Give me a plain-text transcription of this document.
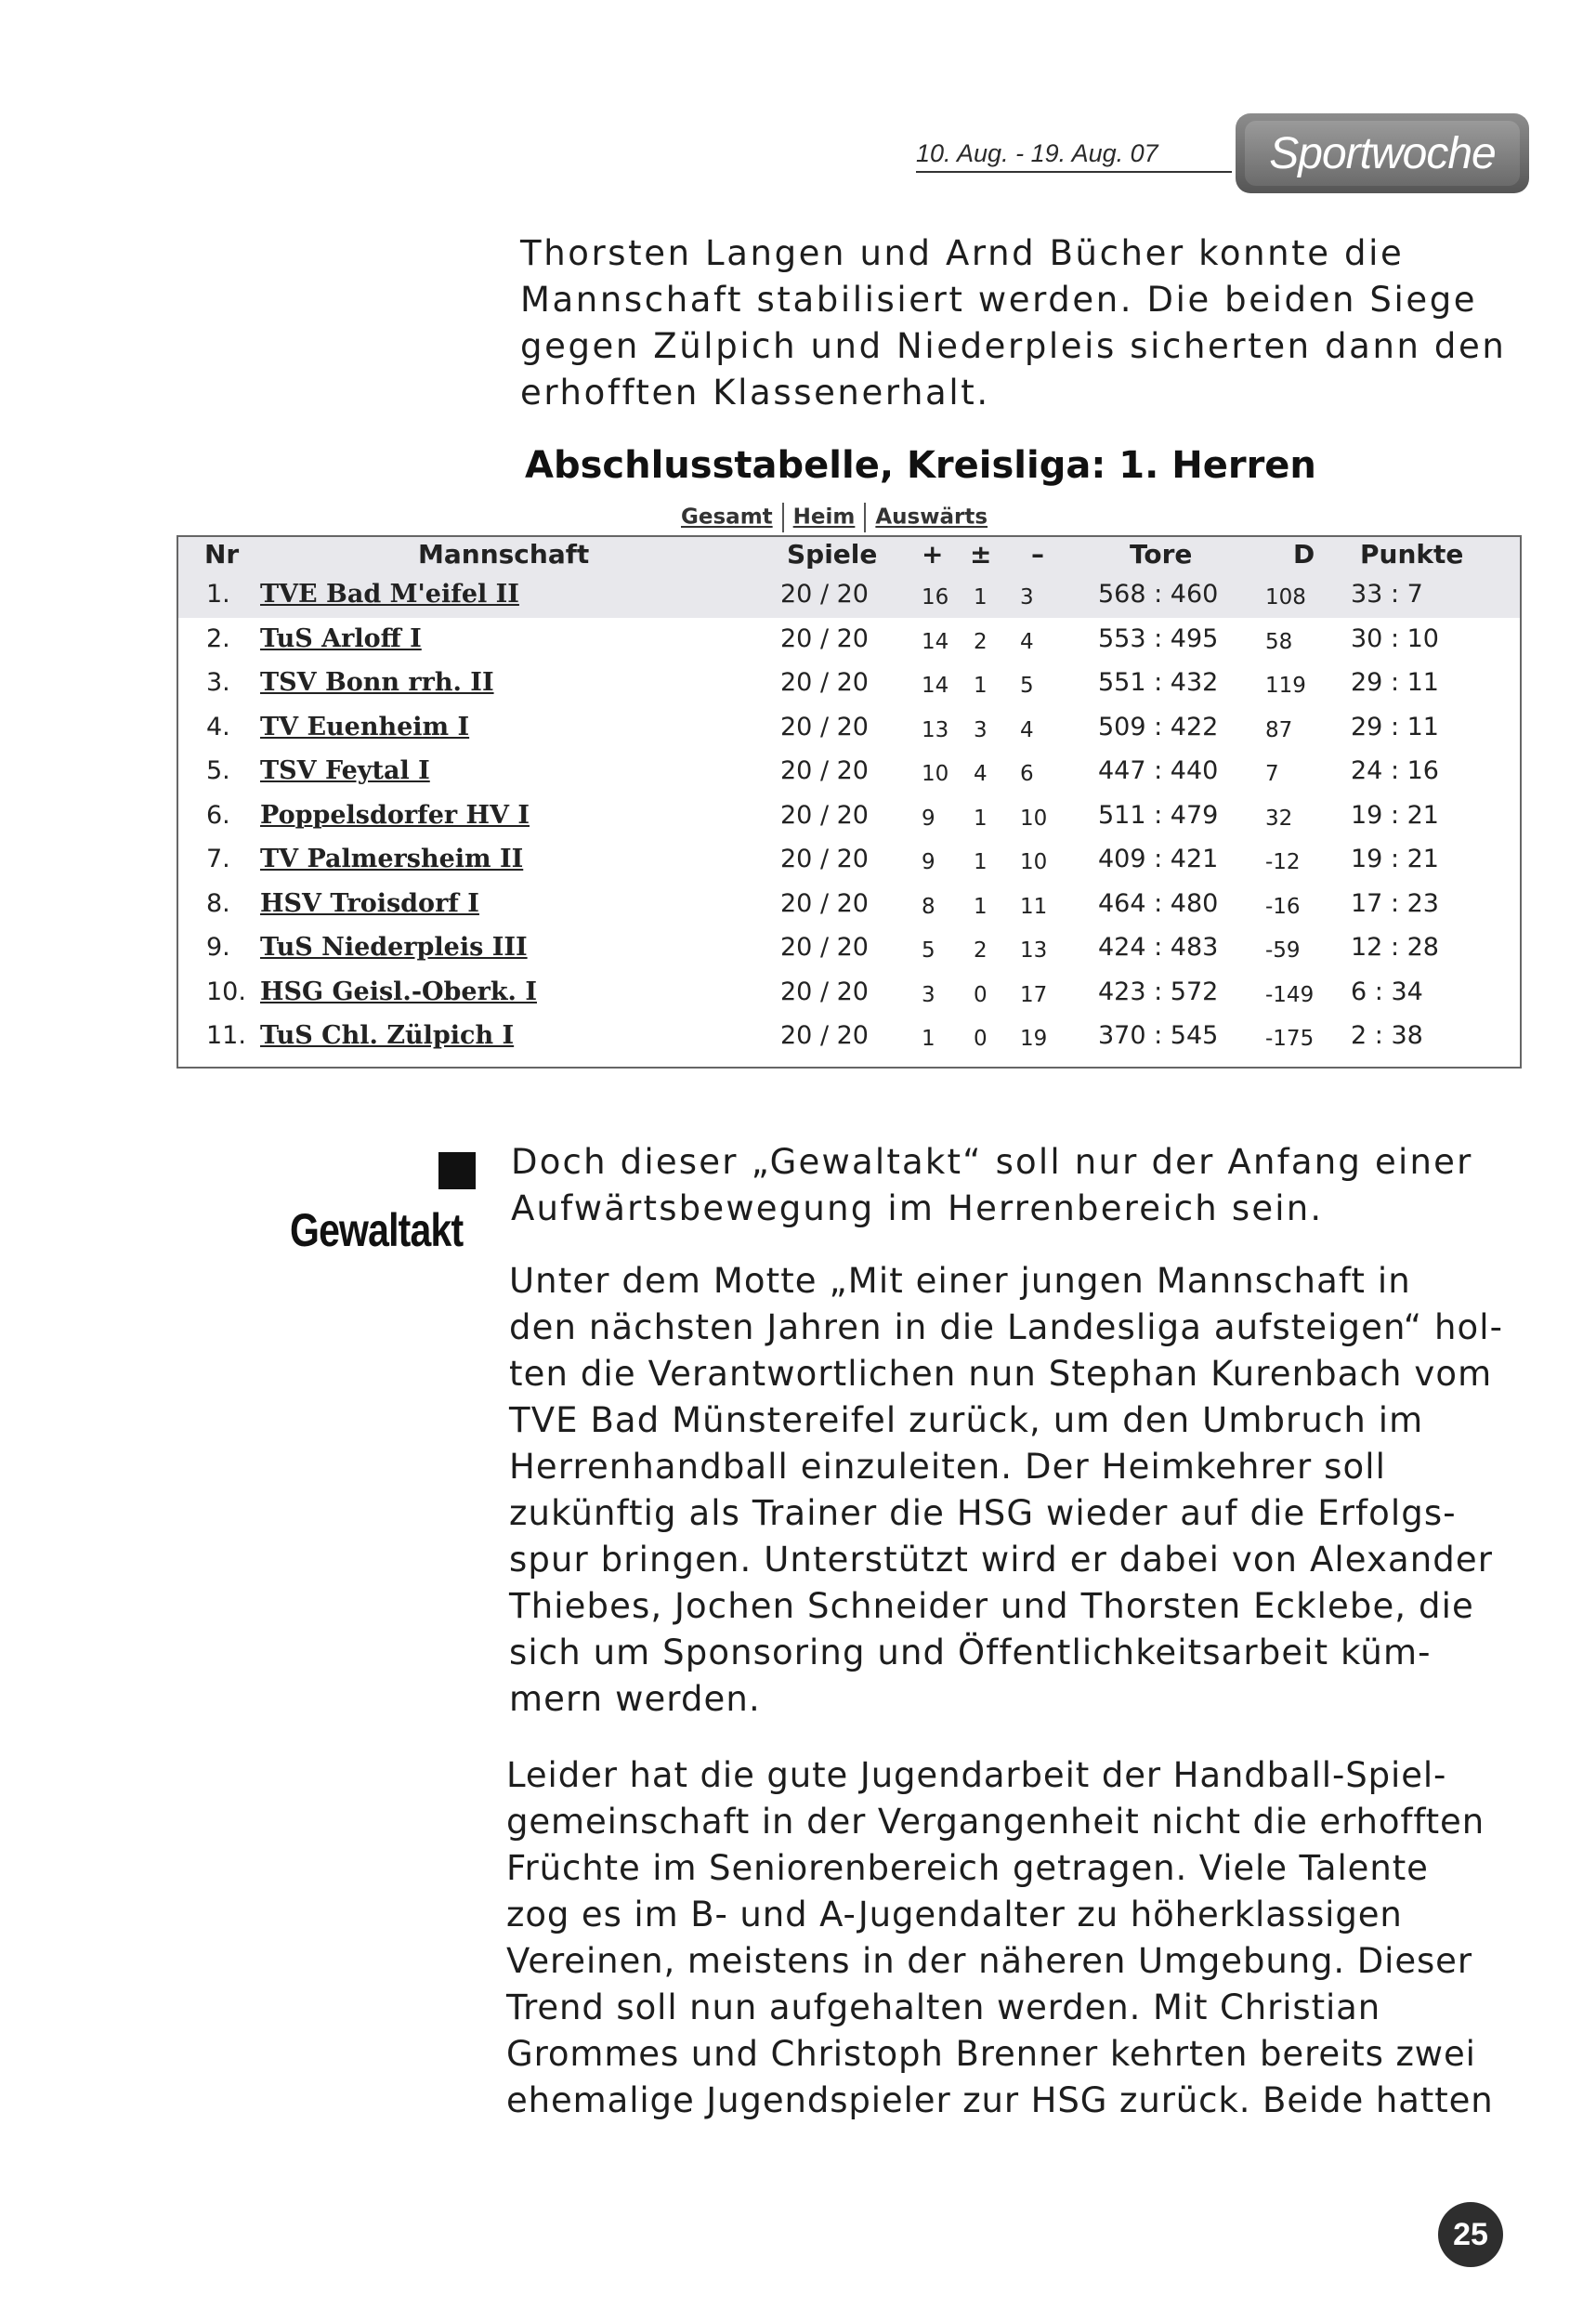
10. Aug. - 19. Aug. 07	Sportwoche

Thorsten Langen und Arnd Bücher konnte die
Mannschaft stabilisiert werden. Die beiden Siege
gegen Zülpich und Niederpleis sicherten dann den
erhofften Klassenerhalt.

Abschlusstabelle, Kreisliga: 1. Herren
Gesamt Heim Auswärts
Nr	Mannschaft	Spiele + ± –	Tore	D Punkte
1. TVE Bad M'eifel II	20 / 20 16 1 3	568 : 460 108 33 : 7
2. TuS Arloff I	20 / 20 14 2 4	553 : 495 58 30 : 10
3. TSV Bonn rrh. II	20 / 20 14 1 5	551 : 432 119 29 : 11
4. TV Euenheim I	20 / 20 13 3 4	509 : 422 87 29 : 11
5. TSV Feytal I	20 / 20 10 4 6	447 : 440 7	24 : 16
6. Poppelsdorfer HV I	20 / 20 9 1 10 511 : 479 32 19 : 21
7. TV Palmersheim II	20 / 20 9 1 10 409 : 421 -12 19 : 21
8. HSV Troisdorf I	20 / 20 8 1 11 464 : 480 -16 17 : 23
9. TuS Niederpleis III	20 / 20 5 2 13 424 : 483 -59 12 : 28
10. HSG Geisl.-Oberk. I	20 / 20 3 0 17 423 : 572 -149 6 : 34
11. TuS Chl. Zülpich I	20 / 20 1 0 19 370 : 545 -175 2 : 38
Gewaltakt

Doch dieser „Gewaltakt“ soll nur der Anfang einer
Aufwärtsbewegung im Herrenbereich sein.

Unter dem Motte „Mit einer jungen Mannschaft in
den nächsten Jahren in die Landesliga aufsteigen“ hol-
ten die Verantwortlichen nun Stephan Kurenbach vom
TVE Bad Münstereifel zurück, um den Umbruch im
Herrenhandball einzuleiten. Der Heimkehrer soll
zukünftig als Trainer die HSG wieder auf die Erfolgs-
spur bringen. Unterstützt wird er dabei von Alexander
Thiebes, Jochen Schneider und Thorsten Ecklebe, die
sich um Sponsoring und Öffentlichkeitsarbeit küm-
mern werden.

Leider hat die gute Jugendarbeit der Handball-Spiel-
gemeinschaft in der Vergangenheit nicht die erhofften
Früchte im Seniorenbereich getragen. Viele Talente
zog es im B- und A-Jugendalter zu höherklassigen
Vereinen, meistens in der näheren Umgebung. Dieser
Trend soll nun aufgehalten werden. Mit Christian
Grommes und Christoph Brenner kehrten bereits zwei
ehemalige Jugendspieler zur HSG zurück. Beide hatten

25
